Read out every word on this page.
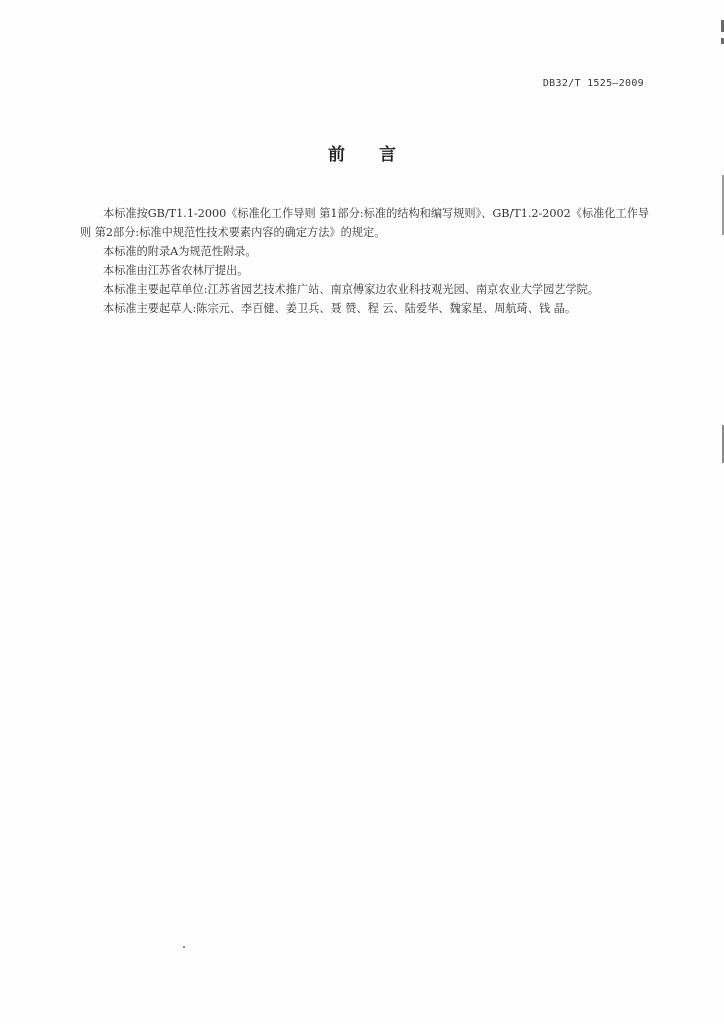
DB32/T 1525—2009
前言

本标准按GB/T1.1-2000《标准化工作导则 第1部分:标准的结构和编写规则》、GB/T1.2-2002《标准化工作导则 第2部分:标准中规范性技术要素内容的确定方法》的规定。

本标准的附录A为规范性附录。

本标准由江苏省农林厅提出。

本标准主要起草单位:江苏省园艺技术推广站、南京傅家边农业科技观光园、南京农业大学园艺学院。

本标准主要起草人:陈宗元、李百健、姜卫兵、聂 赞、程 云、陆爱华、魏家星、周航琦、钱 晶。
